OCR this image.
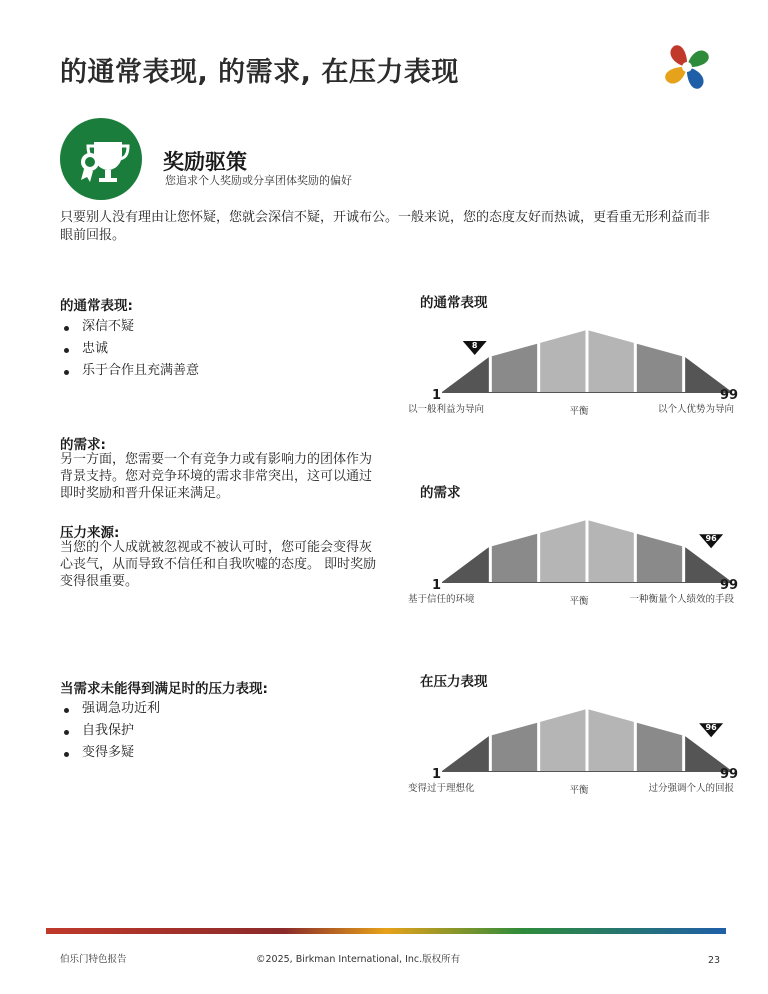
的通常表现, 的需求, 在压力表现
奖励驱策
您追求个人奖励或分享团体奖励的偏好
只要别人没有理由让您怀疑，您就会深信不疑，开诚布公。一般来说，您的态度友好而热诚，更看重无形利益而非眼前回报。
的通常表现:
深信不疑
忠诚
乐于合作且充满善意
的需求:
另一方面，您需要一个有竞争力或有影响力的团体作为背景支持。您对竞争环境的需求非常突出，这可以通过即时奖励和晋升保证来满足。
压力来源:
当您的个人成就被忽视或不被认可时，您可能会变得灰心丧气，从而导致不信任和自我吹嘘的态度。 即时奖励变得很重要。
当需求未能得到满足时的压力表现:
强调急功近利
自我保护
变得多疑
的通常表现
的需求
在压力表现
1	99
以一般利益为导向	平衡	以个人优势为导向
8
1	99
基于信任的环境	平衡	一种衡量个人绩效的手段
96
1	99
变得过于理想化	平衡	过分强调个人的回报
96
伯乐门特色报告	©2025, Birkman International, Inc.版权所有	23
